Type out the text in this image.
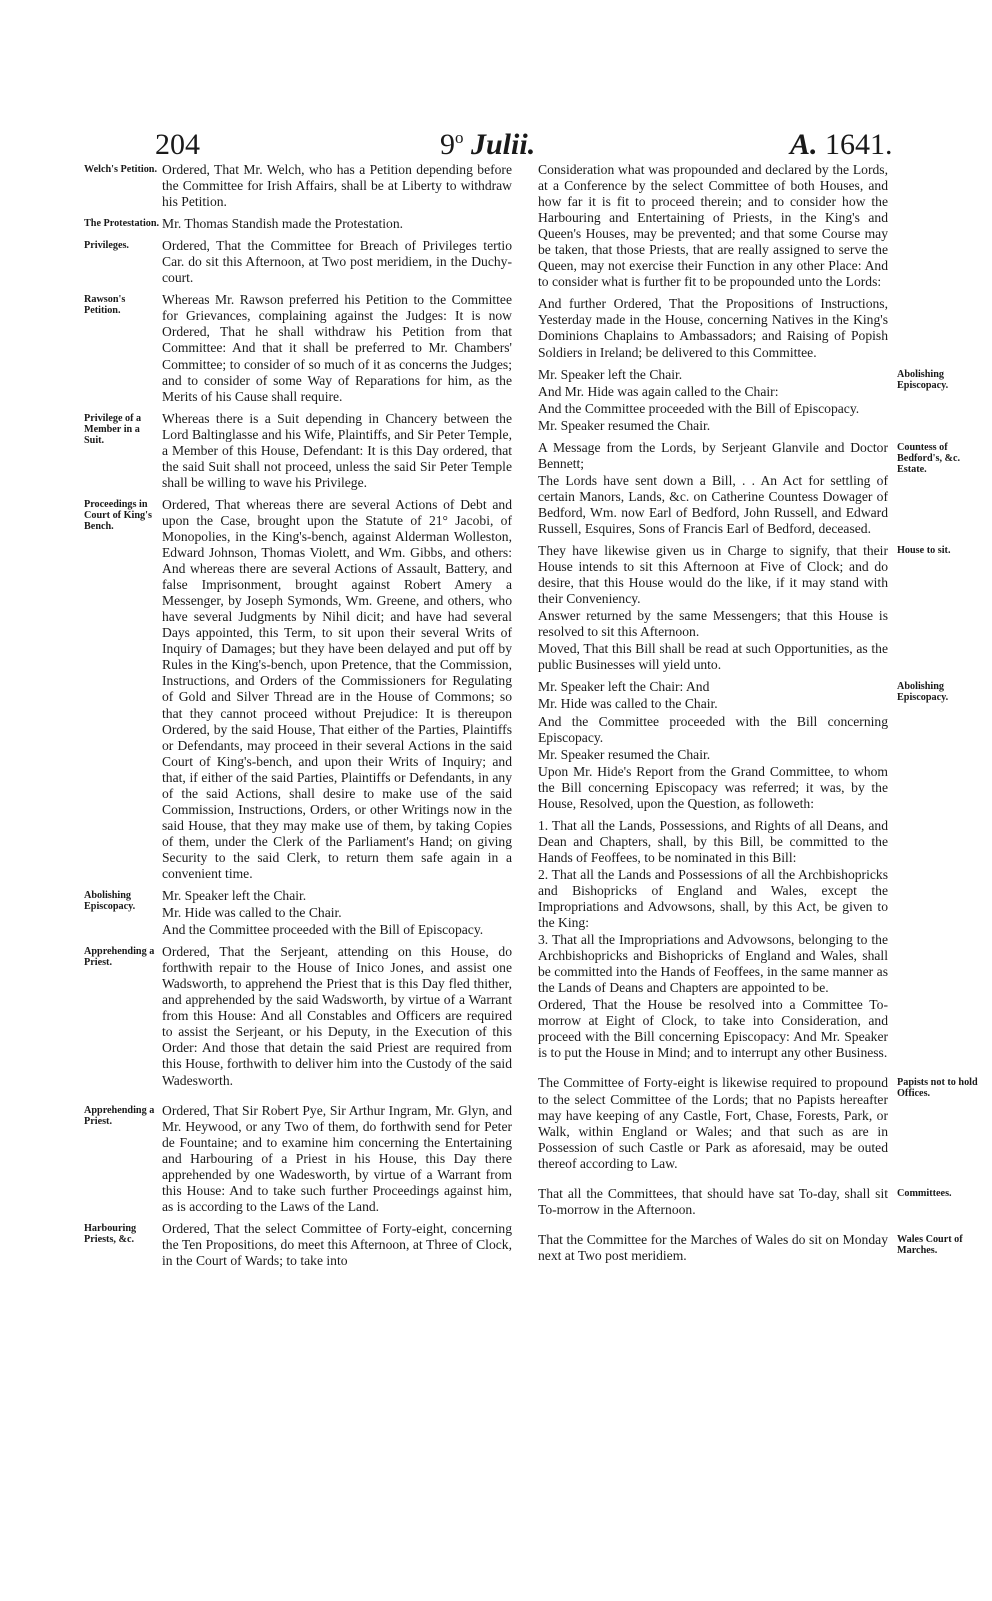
204	9$^o$ Julii.	A. 1641.

Ordered, That Mr. Welch, who has a Petition depending before the Committee for Irish Affairs, shall be at Liberty to withdraw his Petition.

Mr. Thomas Standish made the Protestation.

Ordered, That the Committee for Breach of Privileges tertio Car. do sit this Afternoon, at Two post meridiem, in the Duchy-court.

Whereas Mr. Rawson preferred his Petition to the Committee for Grievances, complaining against the Judges: It is now Ordered, That he shall withdraw his Petition from that Committee: And that it shall be preferred to Mr. Chambers' Committee; to consider of so much of it as concerns the Judges; and to consider of some Way of Reparations for him, as the Merits of his Cause shall require.

Whereas there is a Suit depending in Chancery between the Lord Baltinglasse and his Wife, Plaintiffs, and Sir Peter Temple, a Member of this House, Defendant: It is this Day ordered, that the said Suit shall not proceed, unless the said Sir Peter Temple shall be willing to wave his Privilege.

Ordered, That whereas there are several Actions of Debt and upon the Case, brought upon the Statute of 21° Jacobi, of Monopolies, in the King's-bench, against Alderman Wolleston, Edward Johnson, Thomas Violett, and Wm. Gibbs, and others: And whereas there are several Actions of Assault, Battery, and false Imprisonment, brought against Robert Amery a Messenger, by Joseph Symonds, Wm. Greene, and others, who have several Judgments by Nihil dicit; and have had several Days appointed, this Term, to sit upon their several Writs of Inquiry of Damages; but they have been delayed and put off by Rules in the King's-bench, upon Pretence, that the Commission, Instructions, and Orders of the Commissioners for Regulating of Gold and Silver Thread are in the House of Commons; so that they cannot proceed without Prejudice: It is thereupon Ordered, by the said House, That either of the Parties, Plaintiffs or Defendants, may proceed in their several Actions in the said Court of King's-bench, and upon their Writs of Inquiry; and that, if either of the said Parties, Plaintiffs or Defendants, in any of the said Actions, shall desire to make use of the said Commission, Instructions, Orders, or other Writings now in the said House, that they may make use of them, by taking Copies of them, under the Clerk of the Parliament's Hand; on giving Security to the said Clerk, to return them safe again in a convenient time.

Mr. Speaker left the Chair.

Mr. Hide was called to the Chair.

And the Committee proceeded with the Bill of Episcopacy.

Ordered, That the Serjeant, attending on this House, do forthwith repair to the House of Inico Jones, and assist one Wadsworth, to apprehend the Priest that is this Day fled thither, and apprehended by the said Wadsworth, by virtue of a Warrant from this House: And all Constables and Officers are required to assist the Serjeant, or his Deputy, in the Execution of this Order: And those that detain the said Priest are required from this House, forthwith to deliver him into the Custody of the said Wadesworth.

Ordered, That Sir Robert Pye, Sir Arthur Ingram, Mr. Glyn, and Mr. Heywood, or any Two of them, do forthwith send for Peter de Fountaine; and to examine him concerning the Entertaining and Harbouring of a Priest in his House, this Day there apprehended by one Wadesworth, by virtue of a Warrant from this House: And to take such further Proceedings against him, as is according to the Laws of the Land.

Ordered, That the select Committee of Forty-eight, concerning the Ten Propositions, do meet this Afternoon, at Three of Clock, in the Court of Wards; to take into

Consideration what was propounded and declared by the Lords, at a Conference by the select Committee of both Houses, and how far it is fit to proceed therein; and to consider how the Harbouring and Entertaining of Priests, in the King's and Queen's Houses, may be prevented; and that some Course may be taken, that those Priests, that are really assigned to serve the Queen, may not exercise their Function in any other Place: And to consider what is further fit to be propounded unto the Lords:

And further Ordered, That the Propositions of Instructions, Yesterday made in the House, concerning Natives in the King's Dominions Chaplains to Ambassadors; and Raising of Popish Soldiers in Ireland; be delivered to this Committee.

Mr. Speaker left the Chair.

And Mr. Hide was again called to the Chair:

And the Committee proceeded with the Bill of Episcopacy.

Mr. Speaker resumed the Chair.

A Message from the Lords, by Serjeant Glanvile and Doctor Bennett;

The Lords have sent down a Bill, . . An Act for settling of certain Manors, Lands, &c. on Catherine Countess Dowager of Bedford, Wm. now Earl of Bedford, John Russell, and Edward Russell, Esquires, Sons of Francis Earl of Bedford, deceased.

They have likewise given us in Charge to signify, that their House intends to sit this Afternoon at Five of Clock; and do desire, that this House would do the like, if it may stand with their Conveniency.

Answer returned by the same Messengers; that this House is resolved to sit this Afternoon.

Moved, That this Bill shall be read at such Opportunities, as the public Businesses will yield unto.

Mr. Speaker left the Chair: And

Mr. Hide was called to the Chair.

And the Committee proceeded with the Bill concerning Episcopacy.

Mr. Speaker resumed the Chair.

Upon Mr. Hide's Report from the Grand Committee, to whom the Bill concerning Episcopacy was referred; it was, by the House, Resolved, upon the Question, as followeth:

1. That all the Lands, Possessions, and Rights of all Deans, and Dean and Chapters, shall, by this Bill, be committed to the Hands of Feoffees, to be nominated in this Bill:

2. That all the Lands and Possessions of all the Archbishopricks and Bishopricks of England and Wales, except the Impropriations and Advowsons, shall, by this Act, be given to the King:

3. That all the Impropriations and Advowsons, belonging to the Archbishopricks and Bishopricks of England and Wales, shall be committed into the Hands of Feoffees, in the same manner as the Lands of Deans and Chapters are appointed to be.

Ordered, That the House be resolved into a Committee To-morrow at Eight of Clock, to take into Consideration, and proceed with the Bill concerning Episcopacy: And Mr. Speaker is to put the House in Mind; and to interrupt any other Business.

The Committee of Forty-eight is likewise required to propound to the select Committee of the Lords; that no Papists hereafter may have keeping of any Castle, Fort, Chase, Forests, Park, or Walk, within England or Wales; and that such as are in Possession of such Castle or Park as aforesaid, may be outed thereof according to Law.

That all the Committees, that should have sat To-day, shall sit To-morrow in the Afternoon.

That the Committee for the Marches of Wales do sit on Monday next at Two post meridiem.

Welch's Petition.
The Protestation.
Privileges.
Rawson's Petition.
Privilege of a Member in a Suit.
Proceedings in Court of King's Bench.
Abolishing Episcopacy.
Apprehending a Priest.
Apprehending a Priest.
Harbouring Priests, &c.
Abolishing Episcopacy.
Countess of Bedford's, &c. Estate.
House to sit.
Abolishing Episcopacy.
Papists not to hold Offices.
Committees.
Wales Court of Marches.
